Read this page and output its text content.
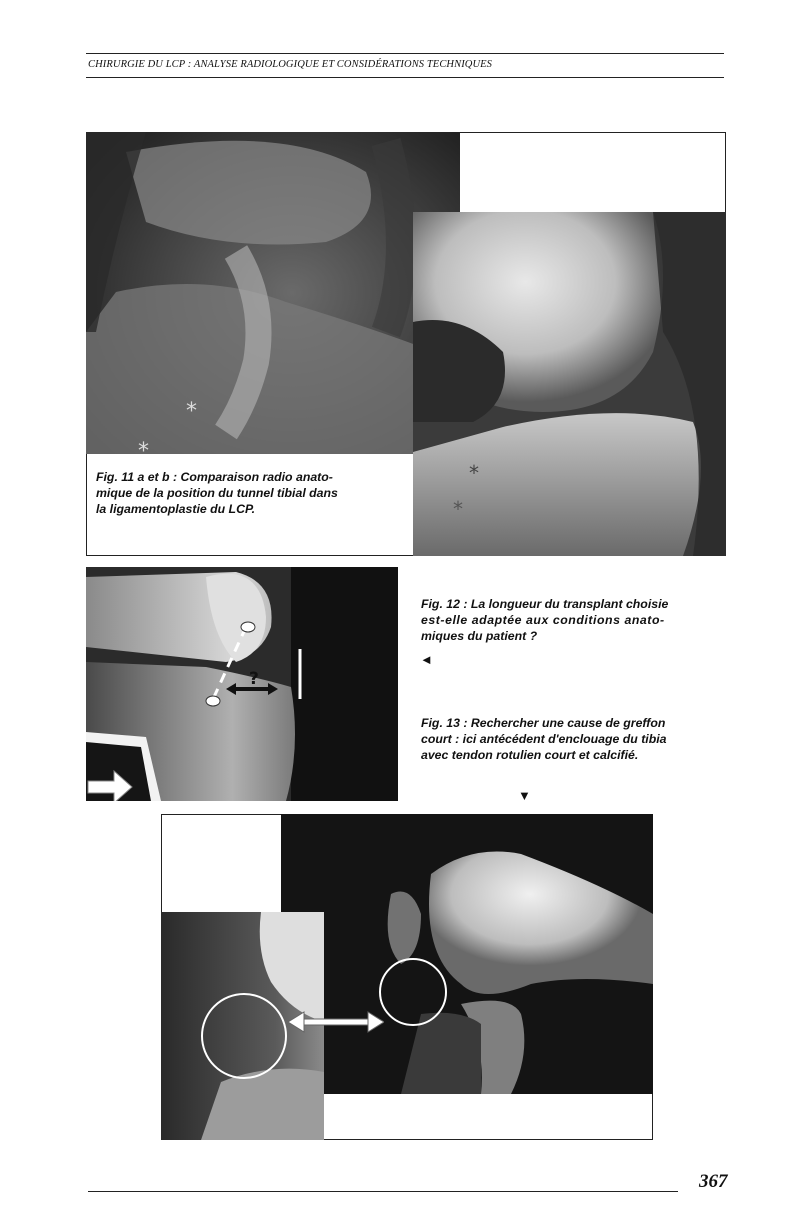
CHIRURGIE DU LCP : ANALYSE RADIOLOGIQUE ET CONSIDÉRATIONS TECHNIQUES
*
*
*
*
Fig. 11 a et b : Comparaison radio anato-
mique de la position du tunnel tibial dans
la ligamentoplastie du LCP.
?
Fig. 12 : La longueur du transplant choisie
est-elle adaptée aux conditions anato-
miques du patient ?
◄
Fig. 13 : Rechercher une cause de greffon
court : ici antécédent d'enclouage du tibia
avec tendon rotulien court et calcifié.
▼
367
